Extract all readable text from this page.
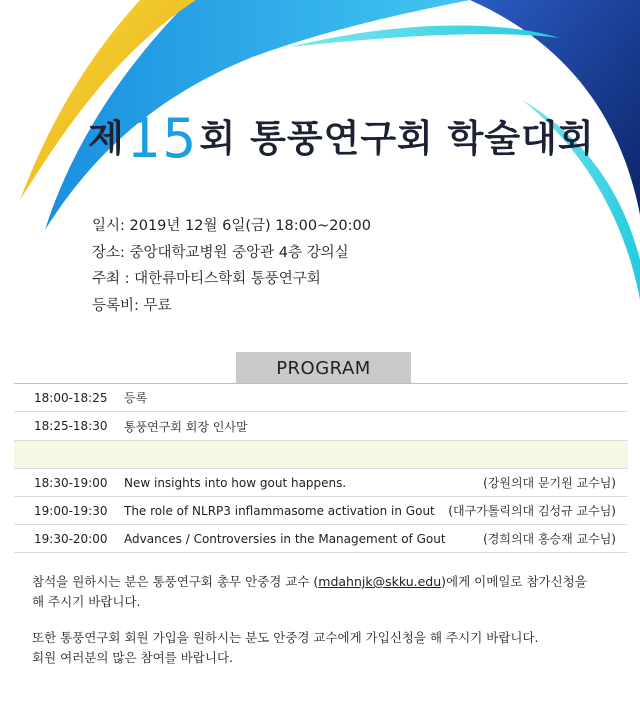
제15회 통풍연구회 학술대회
일시: 2019년 12월 6일(금) 18:00~20:00
장소: 중앙대학교병원 중앙관 4층 강의실
주최 : 대한류마티스학회 통풍연구회
등록비: 무료
PROGRAM
18:00-18:25 등록
18:25-18:30 통풍연구회 회장 인사말
18:30-19:00 New insights into how gout happens.	(강원의대 문기원 교수님)
19:00-19:30 The role of NLRP3 inflammasome activation in Gout (대구가톨릭의대 김성규 교수님)
19:30-20:00 Advances / Controversies in the Management of Gout	(경희의대 홍승재 교수님)
참석을 원하시는 분은 통풍연구회 총무 안중경 교수 (mdahnjk@skku.edu)에게 이메일로 참가신청을
해 주시기 바랍니다.
또한 통풍연구회 회원 가입을 원하시는 분도 안중경 교수에게 가입신청을 해 주시기 바랍니다.
회원 여러분의 많은 참여를 바랍니다.
